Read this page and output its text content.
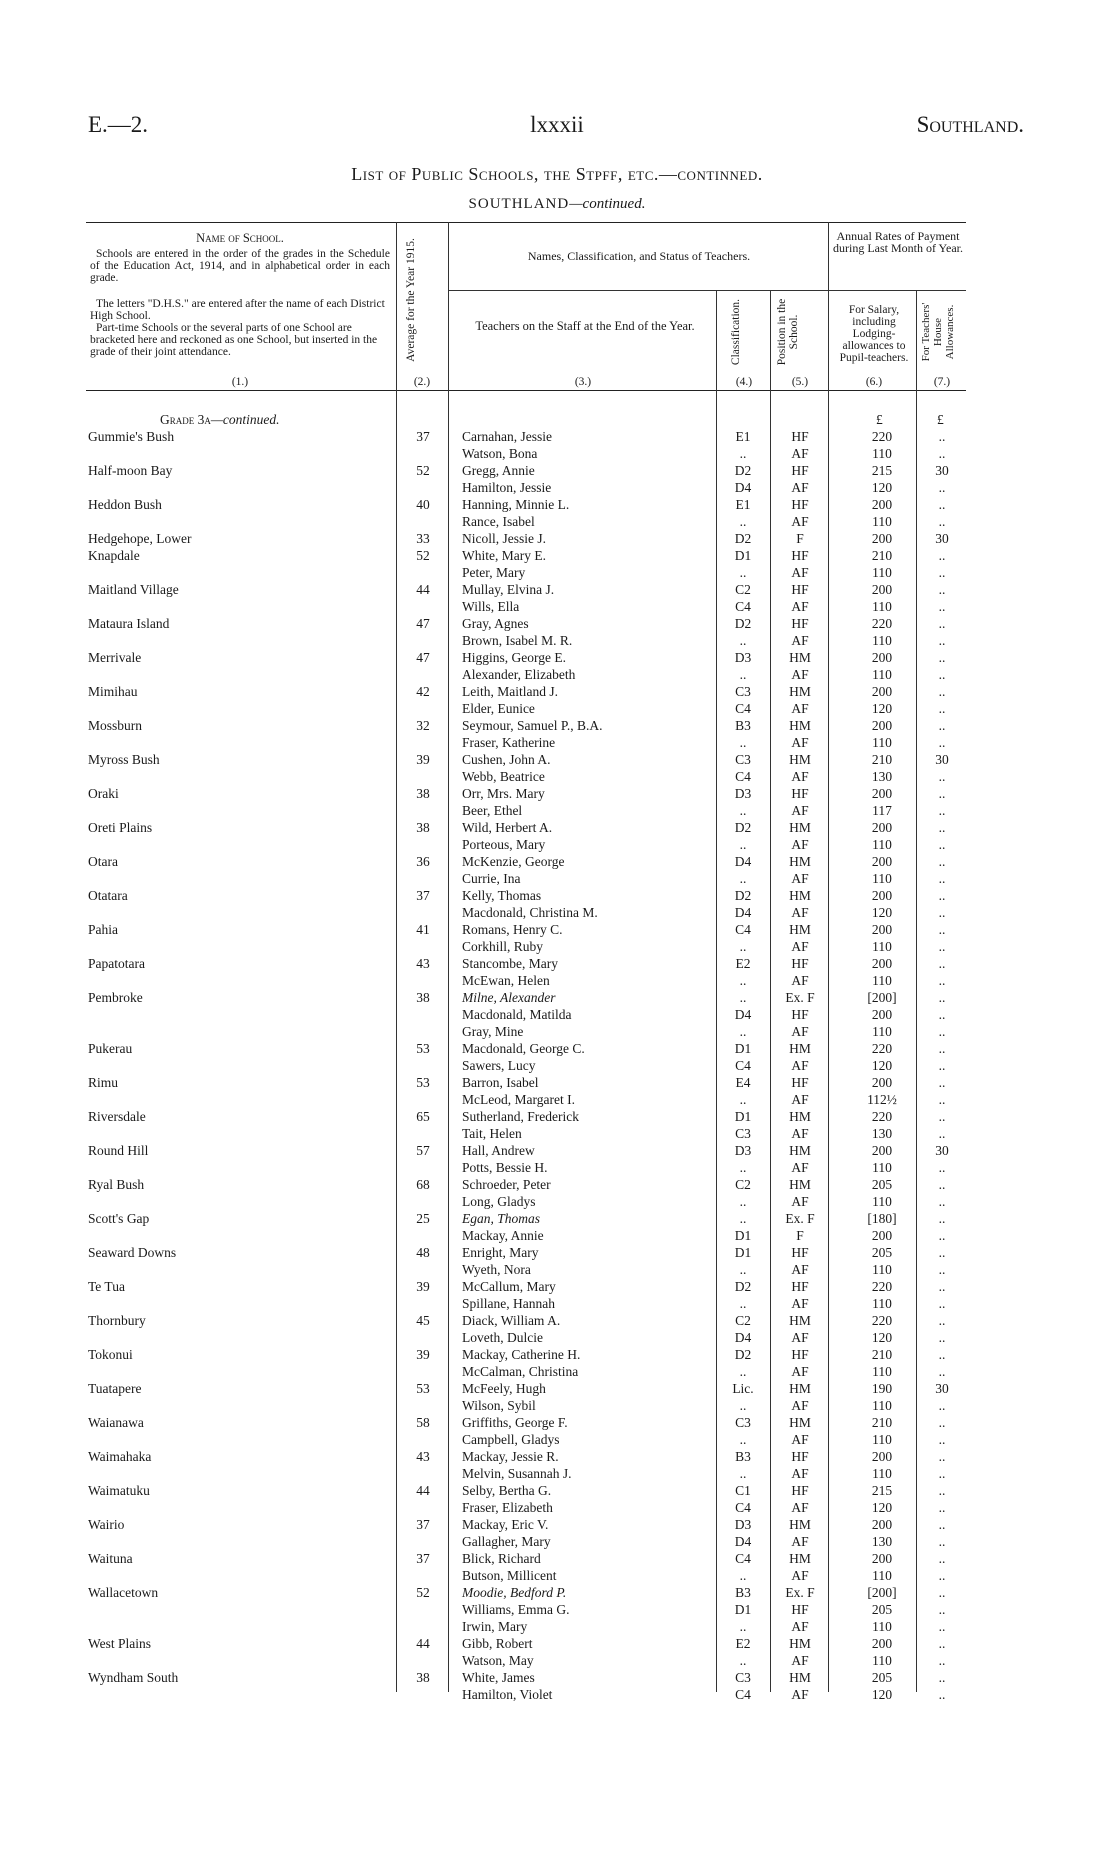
E.—2.	lxxxii	Southland.
List of Public Schools, the Stpff, etc.—continned.
SOUTHLAND—continued.
Name of School.
Schools are entered in the order of the grades in the Schedule of the Education Act, 1914, and in alphabetical order in each grade.
The letters "D.H.S." are entered after the name of each District High School.
Part-time Schools or the several parts of one School are bracketed here and reckoned as one School, but inserted in the grade of their joint attendance.
(1.)
Average for the Year 1915.
(2.)
Names, Classification, and Status of Teachers.
Teachers on the Staff at the End of the Year.
(3.)
Classification.
(4.)
Position in the School.
(5.)
Annual Rates of Payment during Last Month of Year.
For Salary, including Lodging-allowances to Pupil-teachers.
(6.)
For Teachers' House Allowances.
(7.)
Grade 3a—continued.	£	£
Gummie's Bush	37	Carnahan, Jessie	E1	HF	220	..
Watson, Bona	..	AF	110	..
Half-moon Bay	52	Gregg, Annie	D2	HF	215	30
Hamilton, Jessie	D4	AF	120	..
Heddon Bush	40	Hanning, Minnie L.	E1	HF	200	..
Rance, Isabel	..	AF	110	..
Hedgehope, Lower	33	Nicoll, Jessie J.	D2	F	200	30
Knapdale	52	White, Mary E.	D1	HF	210	..
Peter, Mary	..	AF	110	..
Maitland Village	44	Mullay, Elvina J.	C2	HF	200	..
Wills, Ella	C4	AF	110	..
Mataura Island	47	Gray, Agnes	D2	HF	220	..
Brown, Isabel M. R.	..	AF	110	..
Merrivale	47	Higgins, George E.	D3	HM	200	..
Alexander, Elizabeth	..	AF	110	..
Mimihau	42	Leith, Maitland J.	C3	HM	200	..
Elder, Eunice	C4	AF	120	..
Mossburn	32	Seymour, Samuel P., B.A.	B3	HM	200	..
Fraser, Katherine	..	AF	110	..
Myross Bush	39	Cushen, John A.	C3	HM	210	30
Webb, Beatrice	C4	AF	130	..
Oraki	38	Orr, Mrs. Mary	D3	HF	200	..
Beer, Ethel	..	AF	117	..
Oreti Plains	38	Wild, Herbert A.	D2	HM	200	..
Porteous, Mary	..	AF	110	..
Otara	36	McKenzie, George	D4	HM	200	..
Currie, Ina	..	AF	110	..
Otatara	37	Kelly, Thomas	D2	HM	200	..
Macdonald, Christina M.	D4	AF	120	..
Pahia	41	Romans, Henry C.	C4	HM	200	..
Corkhill, Ruby	..	AF	110	..
Papatotara	43	Stancombe, Mary	E2	HF	200	..
McEwan, Helen	..	AF	110	..
Pembroke	38	Milne, Alexander	..	Ex. F	[200]	..
Macdonald, Matilda	D4	HF	200	..
Gray, Mine	..	AF	110	..
Pukerau	53	Macdonald, George C.	D1	HM	220	..
Sawers, Lucy	C4	AF	120	..
Rimu	53	Barron, Isabel	E4	HF	200	..
McLeod, Margaret I.	..	AF	112½	..
Riversdale	65	Sutherland, Frederick	D1	HM	220	..
Tait, Helen	C3	AF	130	..
Round Hill	57	Hall, Andrew	D3	HM	200	30
Potts, Bessie H.	..	AF	110	..
Ryal Bush	68	Schroeder, Peter	C2	HM	205	..
Long, Gladys	..	AF	110	..
Scott's Gap	25	Egan, Thomas	..	Ex. F	[180]	..
Mackay, Annie	D1	F	200	..
Seaward Downs	48	Enright, Mary	D1	HF	205	..
Wyeth, Nora	..	AF	110	..
Te Tua	39	McCallum, Mary	D2	HF	220	..
Spillane, Hannah	..	AF	110	..
Thornbury	45	Diack, William A.	C2	HM	220	..
Loveth, Dulcie	D4	AF	120	..
Tokonui	39	Mackay, Catherine H.	D2	HF	210	..
McCalman, Christina	..	AF	110	..
Tuatapere	53	McFeely, Hugh	Lic.	HM	190	30
Wilson, Sybil	..	AF	110	..
Waianawa	58	Griffiths, George F.	C3	HM	210	..
Campbell, Gladys	..	AF	110	..
Waimahaka	43	Mackay, Jessie R.	B3	HF	200	..
Melvin, Susannah J.	..	AF	110	..
Waimatuku	44	Selby, Bertha G.	C1	HF	215	..
Fraser, Elizabeth	C4	AF	120	..
Wairio	37	Mackay, Eric V.	D3	HM	200	..
Gallagher, Mary	D4	AF	130	..
Waituna	37	Blick, Richard	C4	HM	200	..
Butson, Millicent	..	AF	110	..
Wallacetown	52	Moodie, Bedford P.	B3	Ex. F	[200]	..
Williams, Emma G.	D1	HF	205	..
Irwin, Mary	..	AF	110	..
West Plains	44	Gibb, Robert	E2	HM	200	..
Watson, May	..	AF	110	..
Wyndham South	38	White, James	C3	HM	205	..
Hamilton, Violet	C4	AF	120	..
